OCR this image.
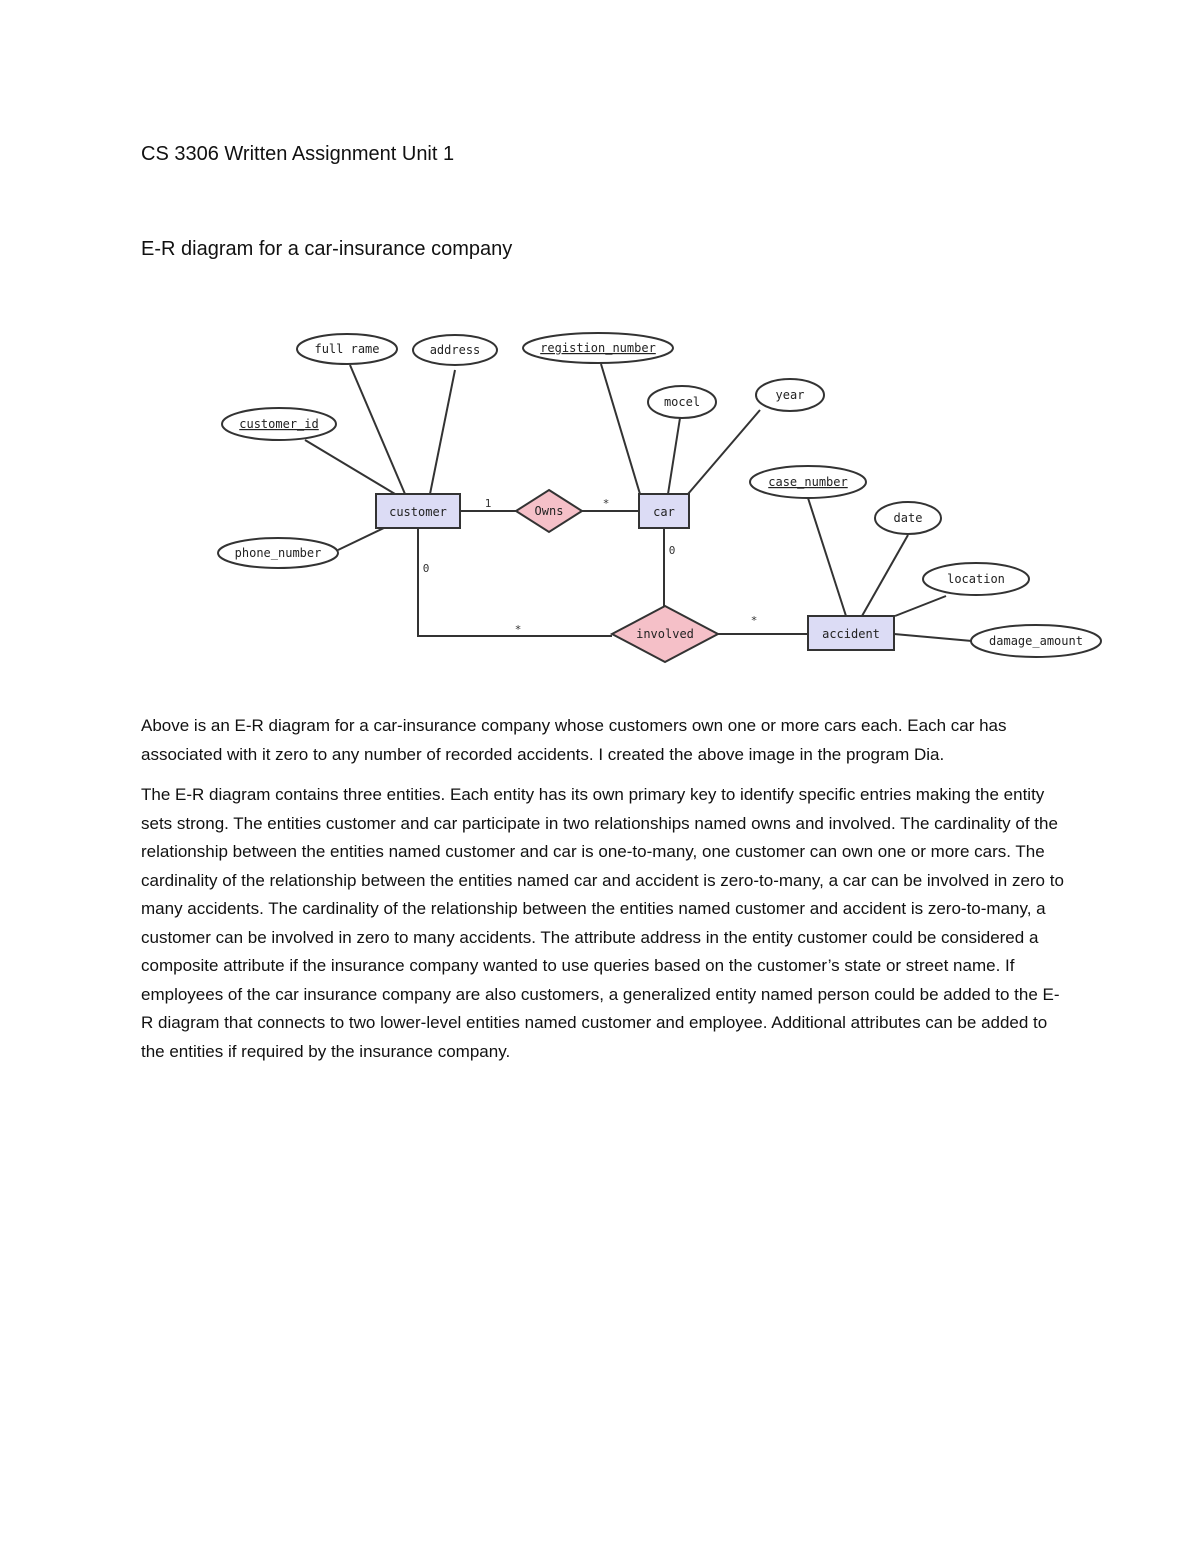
CS 3306 Written Assignment Unit 1
E-R diagram for a car-insurance company
customer	car
accident
Owns
involved
full rame	address
customer_id
phone_number
registion_number
mocel	year
case_number
date
location
damage_amount
1	*
0
0
*
*

Above is an E-R diagram for a car-insurance company whose customers own one or more cars each. Each car has associated with it zero to any number of recorded accidents. I created the above image in the program Dia.

The E-R diagram contains three entities. Each entity has its own primary key to identify specific entries making the entity sets strong. The entities customer and car participate in two relationships named owns and involved. The cardinality of the relationship between the entities named customer and car is one-to-many, one customer can own one or more cars. The cardinality of the relationship between the entities named car and accident is zero-to-many, a car can be involved in zero to many accidents. The cardinality of the relationship between the entities named customer and accident is zero-to-many, a customer can be involved in zero to many accidents. The attribute address in the entity customer could be considered a composite attribute if the insurance company wanted to use queries based on the customer’s state or street name. If employees of the car insurance company are also customers, a generalized entity named person could be added to the E-R diagram that connects to two lower-level entities named customer and employee. Additional attributes can be added to the entities if required by the insurance company.
